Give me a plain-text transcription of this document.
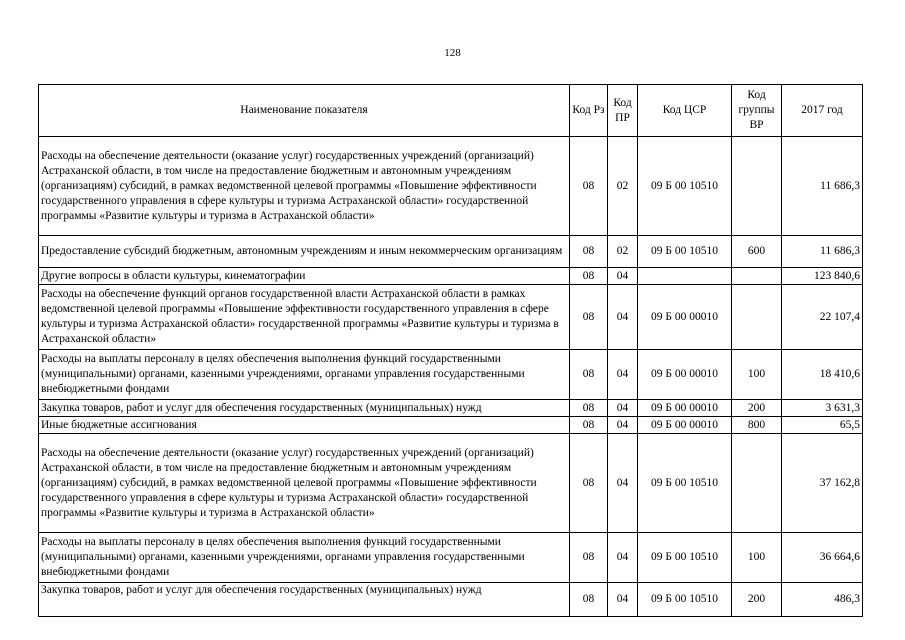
128
Наименование показателя	Код Рз	Код ПР	Код ЦСР	Код группы ВР	2017 год
Расходы на обеспечение деятельности (оказание услуг) государственных учреждений (организаций) Астраханской области, в том числе на предоставление бюджетным и автономным учреждениям (организациям) субсидий, в рамках ведомственной целевой программы «Повышение эффективности государственного управления в сфере культуры и туризма Астраханской области» государственной программы «Развитие культуры и туризма в Астраханской области»	08	02	09 Б 00 10510		11 686,3
Предоставление субсидий бюджетным, автономным учреждениям и иным некоммерческим организациям	08	02	09 Б 00 10510	600	11 686,3
Другие вопросы в области культуры, кинематографии	08	04			123 840,6
Расходы на обеспечение функций органов государственной власти Астраханской области в рамках ведомственной целевой программы «Повышение эффективности государственного управления в сфере культуры и туризма Астраханской области» государственной программы «Развитие культуры и туризма в Астраханской области»	08	04	09 Б 00 00010		22 107,4
Расходы на выплаты персоналу в целях обеспечения выполнения функций государственными (муниципальными) органами, казенными учреждениями, органами управления государственными внебюджетными фондами	08	04	09 Б 00 00010	100	18 410,6
Закупка товаров, работ и услуг для обеспечения государственных (муниципальных) нужд	08	04	09 Б 00 00010	200	3 631,3
Иные бюджетные ассигнования	08	04	09 Б 00 00010	800	65,5
Расходы на обеспечение деятельности (оказание услуг) государственных учреждений (организаций) Астраханской области, в том числе на предоставление бюджетным и автономным учреждениям (организациям) субсидий, в рамках ведомственной целевой программы «Повышение эффективности государственного управления в сфере культуры и туризма Астраханской области» государственной программы «Развитие культуры и туризма в Астраханской области»	08	04	09 Б 00 10510		37 162,8
Расходы на выплаты персоналу в целях обеспечения выполнения функций государственными (муниципальными) органами, казенными учреждениями, органами управления государственными внебюджетными фондами	08	04	09 Б 00 10510	100	36 664,6
Закупка товаров, работ и услуг для обеспечения государственных (муниципальных) нужд	08	04	09 Б 00 10510	200	486,3
